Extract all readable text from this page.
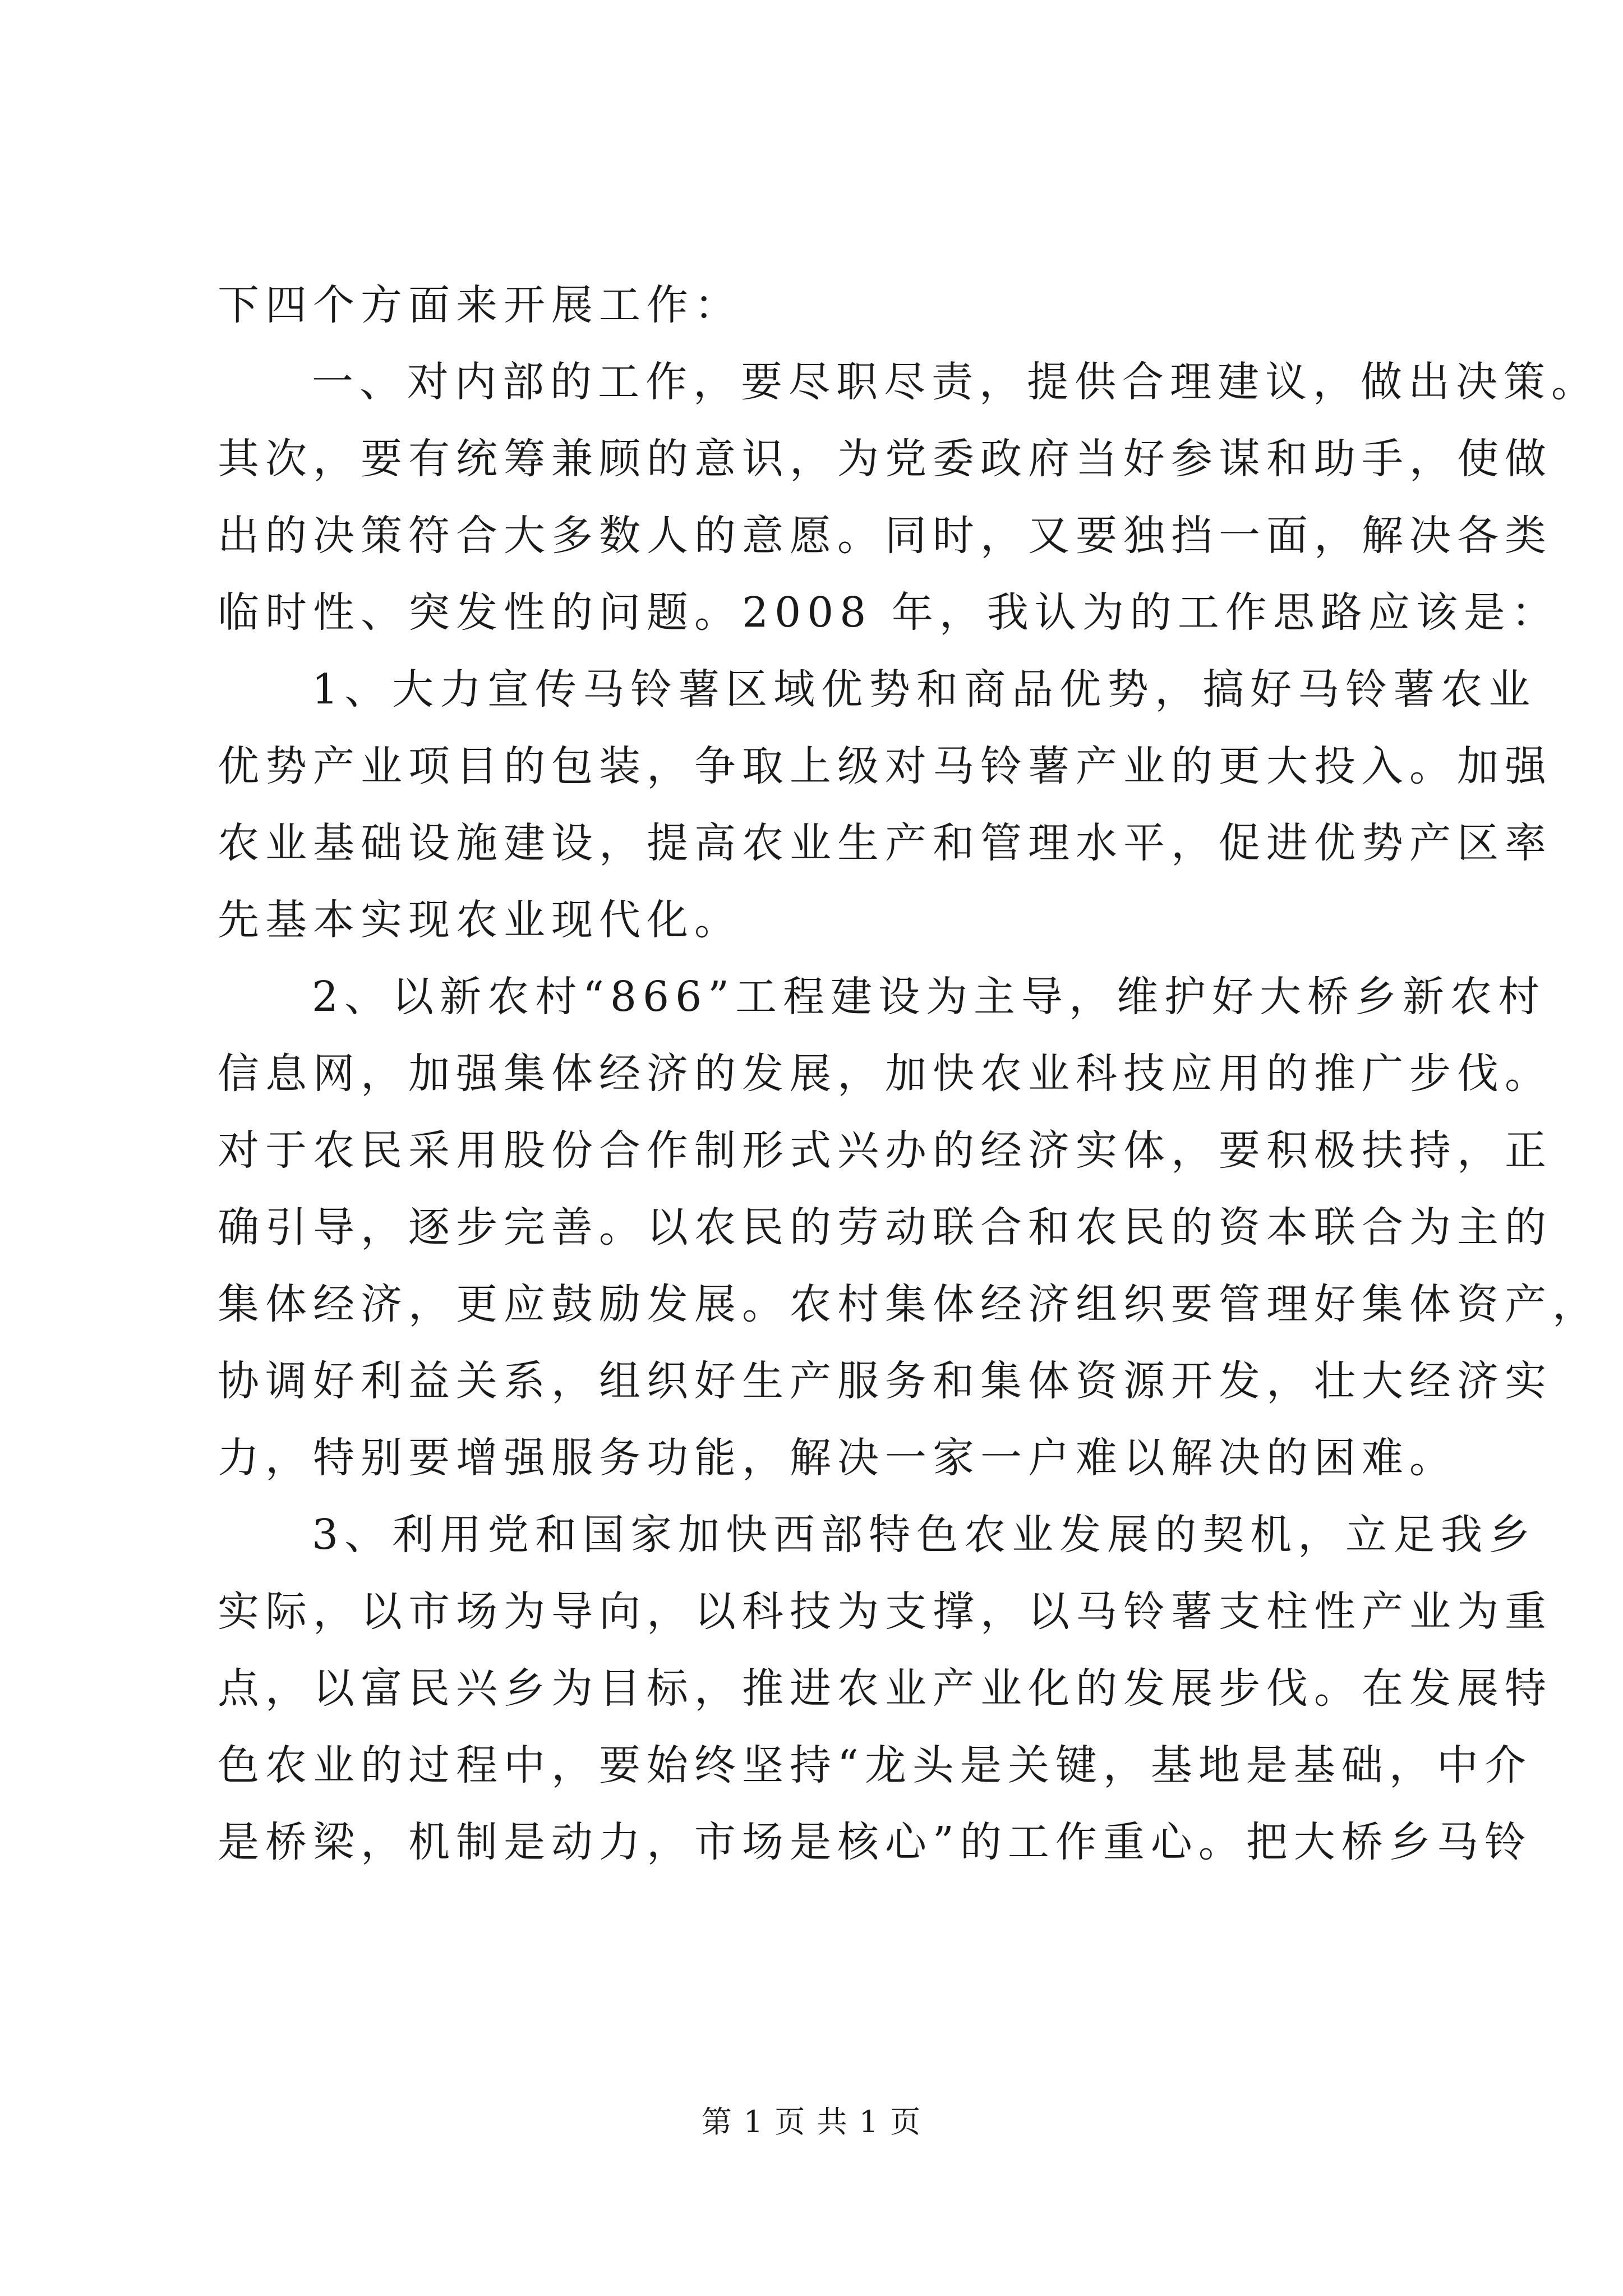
下四个方面来开展工作：
一、对内部的工作，要尽职尽责，提供合理建议，做出决策。
其次，要有统筹兼顾的意识，为党委政府当好参谋和助手，使做
出的决策符合大多数人的意愿。同时，又要独挡一面，解决各类
临时性、突发性的问题。2008 年，我认为的工作思路应该是：
1、大力宣传马铃薯区域优势和商品优势，搞好马铃薯农业
优势产业项目的包装，争取上级对马铃薯产业的更大投入。加强
农业基础设施建设，提高农业生产和管理水平，促进优势产区率
先基本实现农业现代化。
2、以新农村“866”工程建设为主导，维护好大桥乡新农村
信息网，加强集体经济的发展，加快农业科技应用的推广步伐。
对于农民采用股份合作制形式兴办的经济实体，要积极扶持，正
确引导，逐步完善。以农民的劳动联合和农民的资本联合为主的
集体经济，更应鼓励发展。农村集体经济组织要管理好集体资产，
协调好利益关系，组织好生产服务和集体资源开发，壮大经济实
力，特别要增强服务功能，解决一家一户难以解决的困难。
3、利用党和国家加快西部特色农业发展的契机，立足我乡
实际，以市场为导向，以科技为支撑，以马铃薯支柱性产业为重
点，以富民兴乡为目标，推进农业产业化的发展步伐。在发展特
色农业的过程中，要始终坚持“龙头是关键，基地是基础，中介
是桥梁，机制是动力，市场是核心”的工作重心。把大桥乡马铃
第 1 页 共 1 页
